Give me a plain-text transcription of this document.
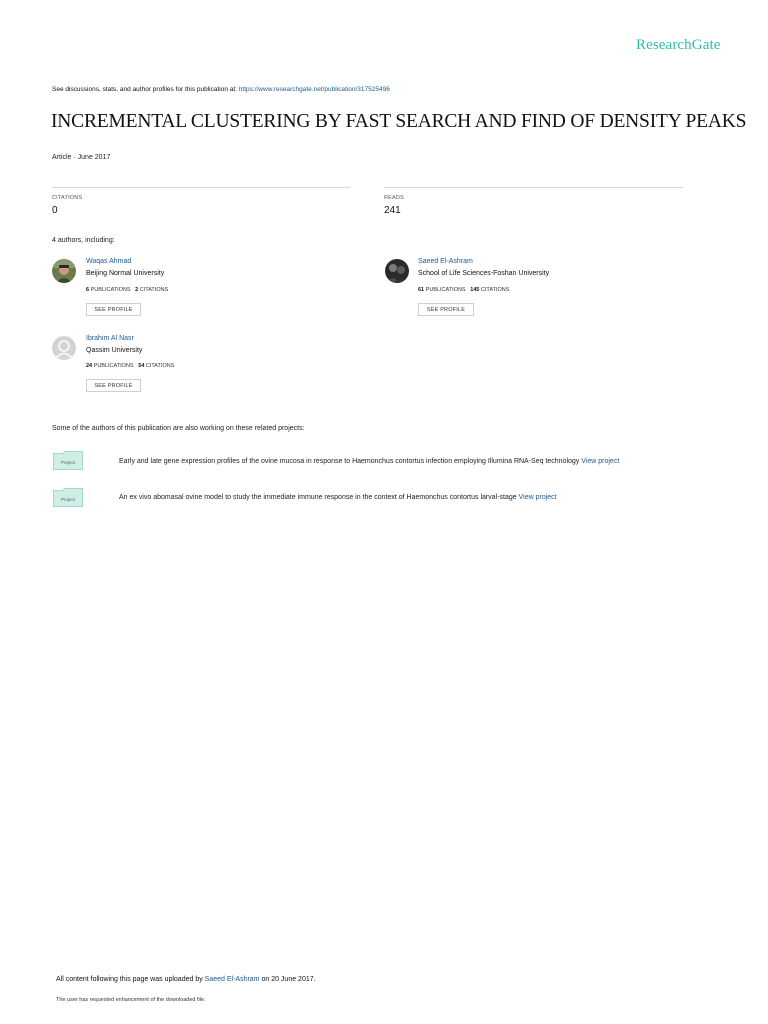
ResearchGate
See discussions, stats, and author profiles for this publication at: https://www.researchgate.net/publication/317525496
INCREMENTAL CLUSTERING BY FAST SEARCH AND FIND OF DENSITY PEAKS
Article · June 2017
CITATIONS
0
READS
241
4 authors, including:
Waqas Ahmad
Beijing Normal University
6 PUBLICATIONS 2 CITATIONS
SEE PROFILE
Saeed El-Ashram
School of Life Sciences-Foshan University
61 PUBLICATIONS 145 CITATIONS
SEE PROFILE
Ibrahim Al Nasr
Qassim University
24 PUBLICATIONS 54 CITATIONS
SEE PROFILE
Some of the authors of this publication are also working on these related projects:
Project	Early and late gene expression profiles of the ovine mucosa in response to Haemonchus contortus infection employing Illumina RNA-Seq technology View project
Project	An ex vivo abomasal ovine model to study the immediate immune response in the context of Haemonchus contortus larval-stage View project
All content following this page was uploaded by Saeed El-Ashram on 20 June 2017.
The user has requested enhancement of the downloaded file.
